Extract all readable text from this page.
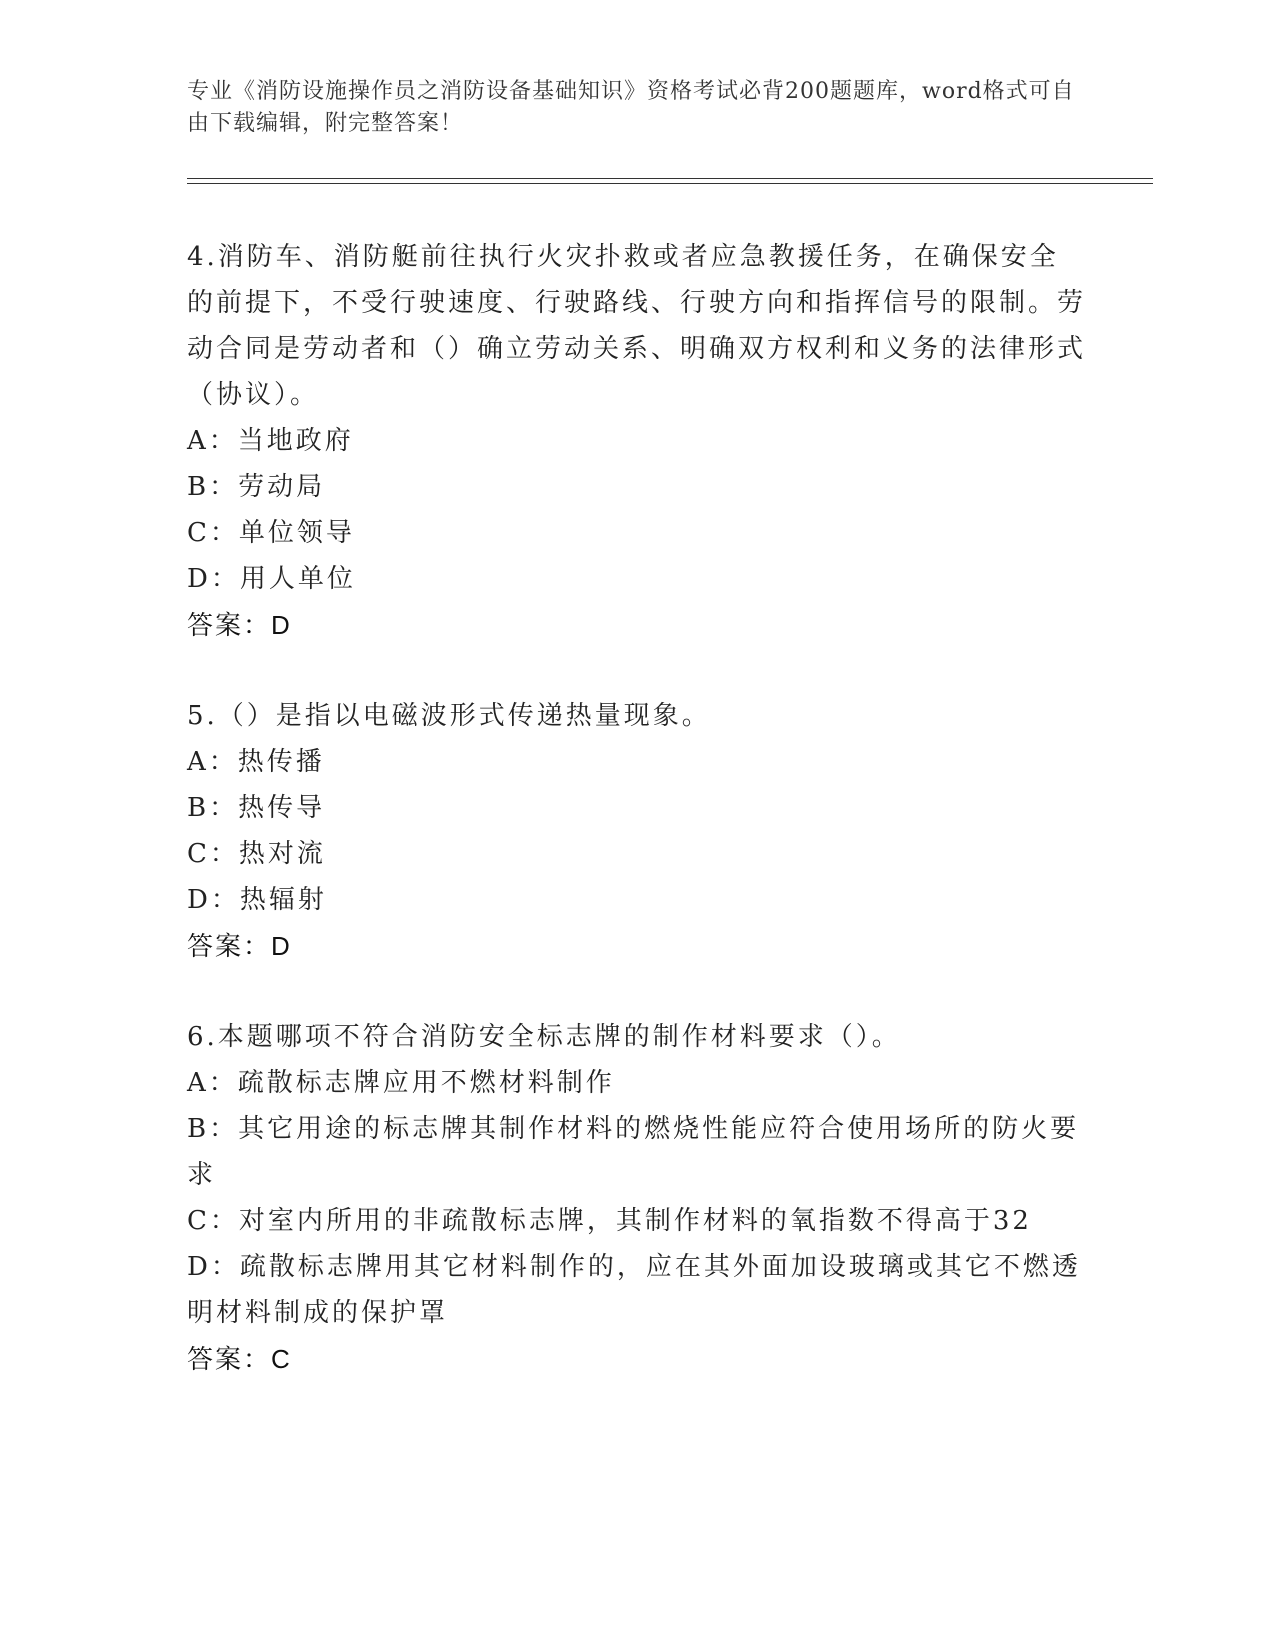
专业《消防设施操作员之消防设备基础知识》资格考试必背200题题库，word格式可自由下载编辑，附完整答案！
4.消防车、消防艇前往执行火灾扑救或者应急教援任务，在确保安全的前提下，不受行驶速度、行驶路线、行驶方向和指挥信号的限制。劳动合同是劳动者和（）确立劳动关系、明确双方权利和义务的法律形式（协议）。
A：当地政府
B：劳动局
C：单位领导
D：用人单位
答案：D
5.（）是指以电磁波形式传递热量现象。
A：热传播
B：热传导
C：热对流
D：热辐射
答案：D
6.本题哪项不符合消防安全标志牌的制作材料要求（）。
A：疏散标志牌应用不燃材料制作
B：其它用途的标志牌其制作材料的燃烧性能应符合使用场所的防火要求
C：对室内所用的非疏散标志牌，其制作材料的氧指数不得高于32
D：疏散标志牌用其它材料制作的，应在其外面加设玻璃或其它不燃透明材料制成的保护罩
答案：C
